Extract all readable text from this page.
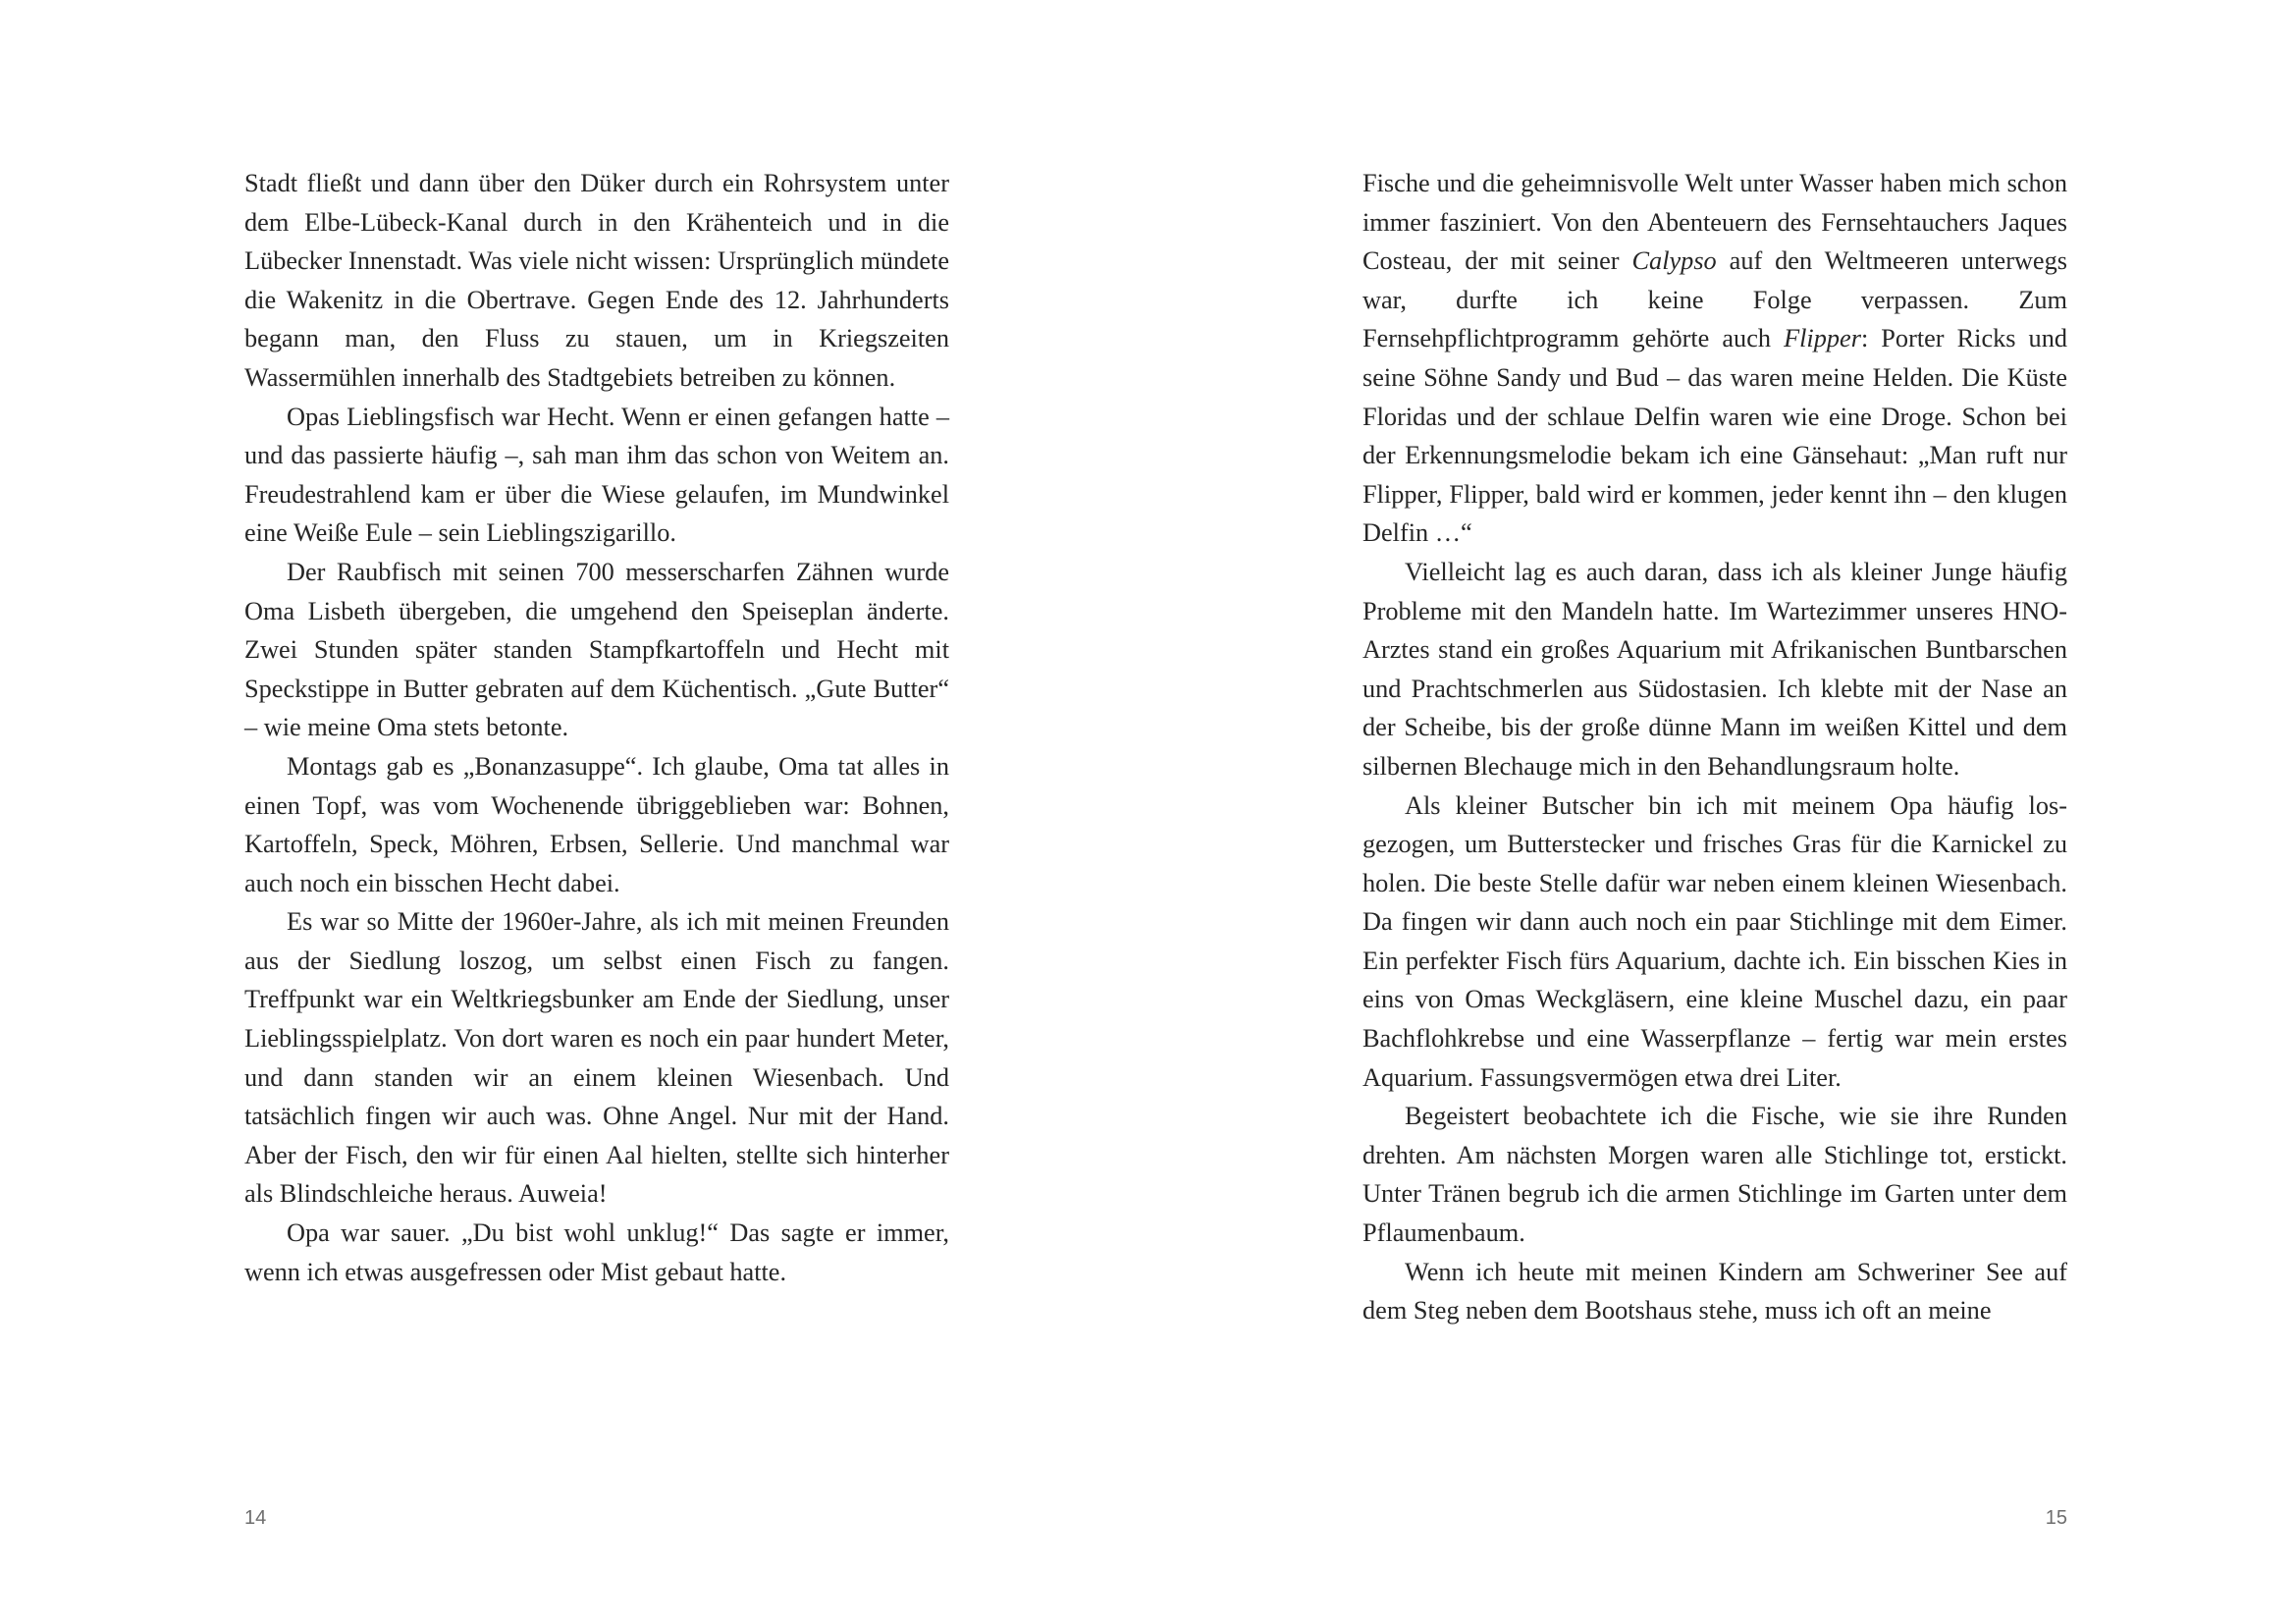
Stadt fließt und dann über den Düker durch ein Rohrsystem unter dem Elbe-Lübeck-Kanal durch in den Krähenteich und in die Lübecker Innenstadt. Was viele nicht wissen: Ursprünglich mündete die Wakenitz in die Obertrave. Gegen Ende des 12. Jahrhunderts begann man, den Fluss zu stauen, um in Kriegszeiten Wassermühlen innerhalb des Stadtgebiets betreiben zu können.

Opas Lieblingsfisch war Hecht. Wenn er einen gefangen hatte – und das passierte häufig –, sah man ihm das schon von Weitem an. Freudestrahlend kam er über die Wiese gelaufen, im Mundwinkel eine Weiße Eule – sein Lieblingszigarillo.

Der Raubfisch mit seinen 700 messerscharfen Zähnen wurde Oma Lisbeth übergeben, die umgehend den Speiseplan änderte. Zwei Stunden später standen Stampfkartoffeln und Hecht mit Speckstippe in Butter gebraten auf dem Küchentisch. „Gute Butter“ – wie meine Oma stets betonte.

Montags gab es „Bonanzasuppe“. Ich glaube, Oma tat alles in einen Topf, was vom Wochenende übriggeblieben war: Bohnen, Kartoffeln, Speck, Möhren, Erbsen, Sellerie. Und manchmal war auch noch ein bisschen Hecht dabei.

Es war so Mitte der 1960er-Jahre, als ich mit meinen Freunden aus der Siedlung loszog, um selbst einen Fisch zu fangen. Treffpunkt war ein Weltkriegsbunker am Ende der Siedlung, unser Lieblingsspielplatz. Von dort waren es noch ein paar hundert Meter, und dann standen wir an einem kleinen Wiesenbach. Und tatsächlich fingen wir auch was. Ohne Angel. Nur mit der Hand. Aber der Fisch, den wir für einen Aal hielten, stellte sich hinterher als Blindschleiche heraus. Auweia!

Opa war sauer. „Du bist wohl unklug!“ Das sagte er immer, wenn ich etwas ausgefressen oder Mist gebaut hatte.

Fische und die geheimnisvolle Welt unter Wasser haben mich schon immer fasziniert. Von den Abenteuern des Fernsehtauchers Jaques Costeau, der mit seiner Calypso auf den Weltmeeren unterwegs war, durfte ich keine Folge verpassen. Zum Fernsehpflichtprogramm gehörte auch Flipper: Porter Ricks und seine Söhne Sandy und Bud – das waren meine Helden. Die Küste Floridas und der schlaue Delfin waren wie eine Droge. Schon bei der Erkennungsmelodie bekam ich eine Gänsehaut: „Man ruft nur Flipper, Flipper, bald wird er kommen, jeder kennt ihn – den klugen Delfin …“

Vielleicht lag es auch daran, dass ich als kleiner Junge häufig Probleme mit den Mandeln hatte. Im Wartezimmer unseres HNO-Arztes stand ein großes Aquarium mit Afrikanischen Buntbarschen und Prachtschmerlen aus Südostasien. Ich klebte mit der Nase an der Scheibe, bis der große dünne Mann im weißen Kittel und dem silbernen Blechauge mich in den Behandlungsraum holte.

Als kleiner Butscher bin ich mit meinem Opa häufig losgezogen, um Butterstecker und frisches Gras für die Karnickel zu holen. Die beste Stelle dafür war neben einem kleinen Wiesenbach. Da fingen wir dann auch noch ein paar Stichlinge mit dem Eimer. Ein perfekter Fisch fürs Aquarium, dachte ich. Ein bisschen Kies in eins von Omas Weckgläsern, eine kleine Muschel dazu, ein paar Bachflohkrebse und eine Wasserpflanze – fertig war mein erstes Aquarium. Fassungsvermögen etwa drei Liter.

Begeistert beobachtete ich die Fische, wie sie ihre Runden drehten. Am nächsten Morgen waren alle Stichlinge tot, erstickt. Unter Tränen begrub ich die armen Stichlinge im Garten unter dem Pflaumenbaum.

Wenn ich heute mit meinen Kindern am Schweriner See auf dem Steg neben dem Bootshaus stehe, muss ich oft an meine

14	15
